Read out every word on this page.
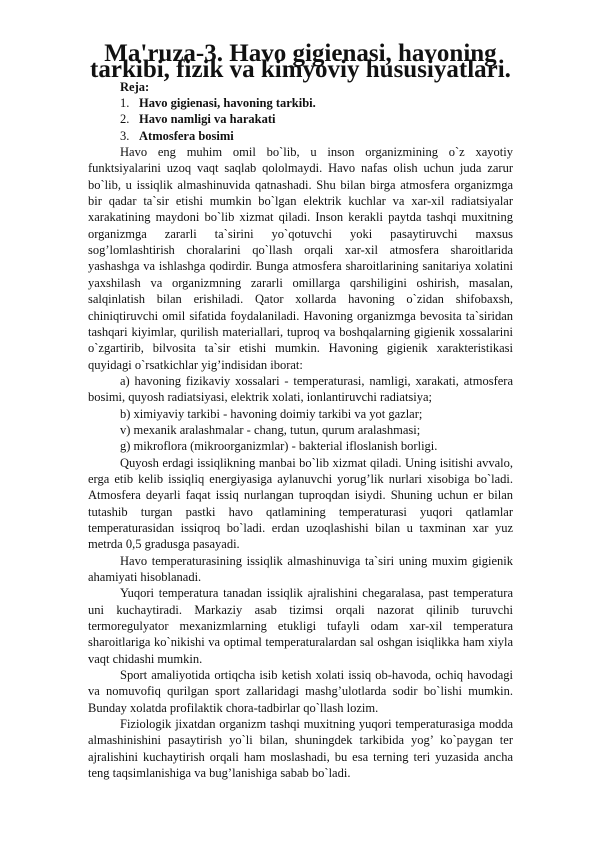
Ma'ruza-3. Havo gigienasi, havoning tarkibi, fizik va kimyoviy hususiyatlari.
Reja:
1. Havo gigienasi, havoning tarkibi.
2. Havo namligi va harakati
3. Atmosfera bosimi

Havo eng muhim omil bo`lib, u inson organizmining o`z xayotiy funktsiyalarini uzoq vaqt saqlab qololmaydi. Havo nafas olish uchun juda zarur bo`lib, u issiqlik almashinuvida qatnashadi. Shu bilan birga atmosfera organizmga bir qadar ta`sir etishi mumkin bo`lgan elektrik kuchlar va xar-xil radiatsiyalar xarakatining maydoni bo`lib xizmat qiladi. Inson kerakli paytda tashqi muxitning organizmga zararli ta`sirini yo`qotuvchi yoki pasaytiruvchi maxsus sog’lomlashtirish choralarini qo`llash orqali xar-xil atmosfera sharoitlarida yashashga va ishlashga qodirdir. Bunga atmosfera sharoitlarining sanitariya xolatini yaxshilash va organizmning zararli omillarga qarshiligini oshirish, masalan, salqinlatish bilan erishiladi. Qator xollarda havoning o`zidan shifobaxsh, chiniqtiruvchi omil sifatida foydalaniladi. Havoning organizmga bevosita ta`siridan tashqari kiyimlar, qurilish materiallari, tuproq va boshqalarning gigienik xossalarini o`zgartirib, bilvosita ta`sir etishi mumkin. Havoning gigienik xarakteristikasi quyidagi o`rsatkichlar yig’indisidan iborat:

a) havoning fizikaviy xossalari - temperaturasi, namligi, xarakati, atmosfera bosimi, quyosh radiatsiyasi, elektrik xolati, ionlantiruvchi radiatsiya;

b) ximiyaviy tarkibi - havoning doimiy tarkibi va yot gazlar;

v) mexanik aralashmalar - chang, tutun, qurum aralashmasi;

g) mikroflora (mikroorganizmlar) - bakterial ifloslanish borligi.

Quyosh erdagi issiqlikning manbai bo`lib xizmat qiladi. Uning isitishi avvalo, erga etib kelib issiqliq energiyasiga aylanuvchi yorug’lik nurlari xisobiga bo`ladi. Atmosfera deyarli faqat issiq nurlangan tuproqdan isiydi. Shuning uchun er bilan tutashib turgan pastki havo qatlamining temperaturasi yuqori qatlamlar temperaturasidan issiqroq bo`ladi. erdan uzoqlashishi bilan u taxminan xar yuz metrda 0,5 gradusga pasayadi.

Havo temperaturasining issiqlik almashinuviga ta`siri uning muxim gigienik ahamiyati hisoblanadi.

Yuqori temperatura tanadan issiqlik ajralishini chegaralasa, past temperatura uni kuchaytiradi. Markaziy asab tizimsi orqali nazorat qilinib turuvchi termoregulyator mexanizmlarning etukligi tufayli odam xar-xil temperatura sharoitlariga ko`nikishi va optimal temperaturalardan sal oshgan isiqlikka ham xiyla vaqt chidashi mumkin.

Sport amaliyotida ortiqcha isib ketish xolati issiq ob-havoda, ochiq havodagi va nomuvofiq qurilgan sport zallaridagi mashg’ulotlarda sodir bo`lishi mumkin. Bunday xolatda profilaktik chora-tadbirlar qo`llash lozim.

Fiziologik jixatdan organizm tashqi muxitning yuqori temperaturasiga modda almashinishini pasaytirish yo`li bilan, shuningdek tarkibida yog’ ko`paygan ter ajralishini kuchaytirish orqali ham moslashadi, bu esa terning teri yuzasida ancha teng taqsimlanishiga va bug’lanishiga sabab bo`ladi.
